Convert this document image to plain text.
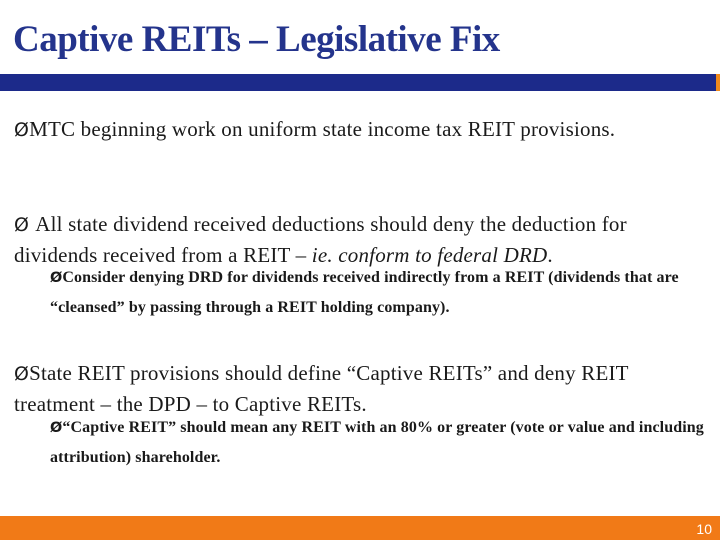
Captive REITs – Legislative Fix
ØMTC beginning work on uniform state income tax REIT provisions.
Ø All state dividend received deductions should deny the deduction for dividends received from a REIT – ie. conform to federal DRD.
ØConsider denying DRD for dividends received indirectly from a REIT (dividends that are “cleansed” by passing through a REIT holding company).
ØState REIT provisions should define “Captive REITs” and deny REIT treatment – the DPD – to Captive REITs.
Ø“Captive REIT” should mean any REIT with an 80% or greater (vote or value and including attribution) shareholder.
10
